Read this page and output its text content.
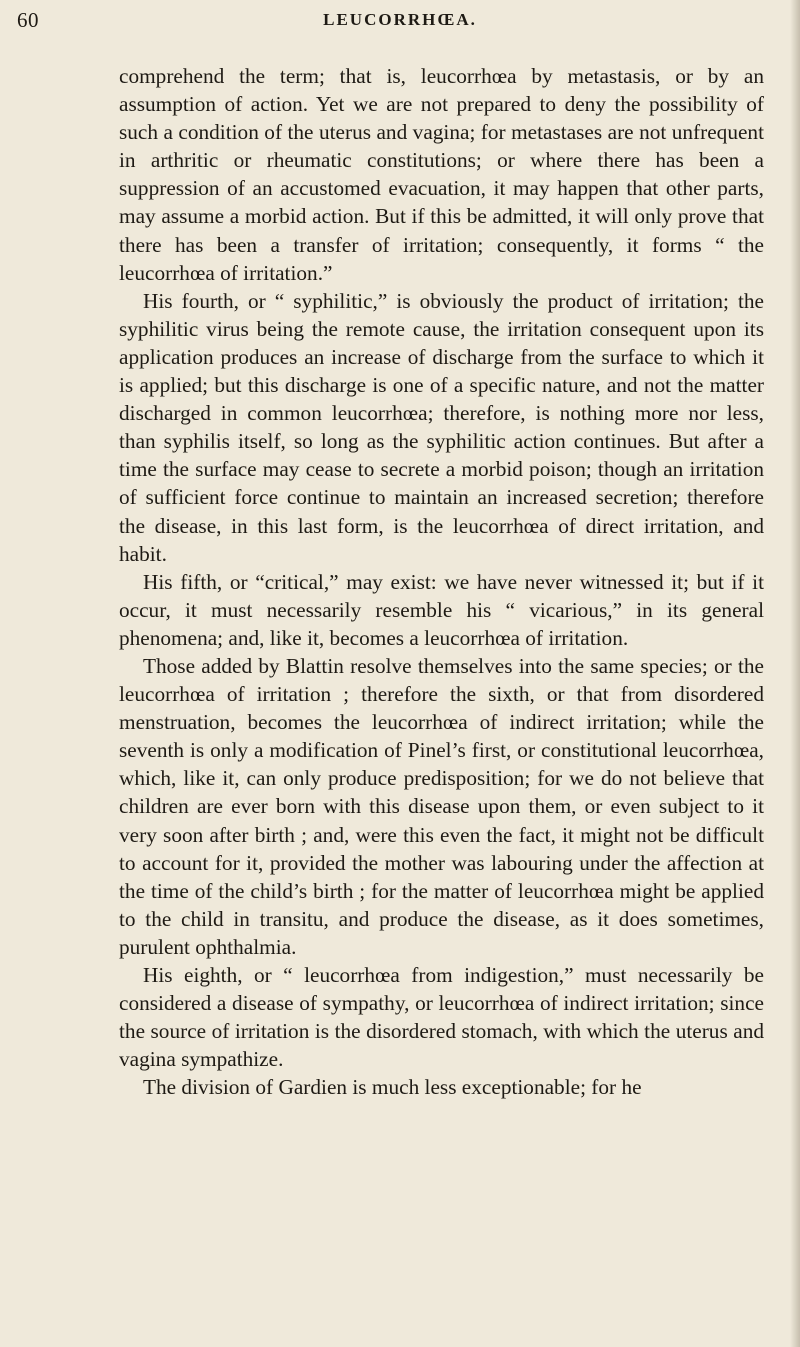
60	LEUCORRHŒA.

comprehend the term; that is, leucorrhœa by metastasis, or by an assumption of action. Yet we are not prepared to deny the possibility of such a condition of the uterus and vagina; for metastases are not unfrequent in arthritic or rheumatic constitutions; or where there has been a suppression of an accustomed evacuation, it may happen that other parts, may assume a morbid action. But if this be admitted, it will only prove that there has been a transfer of irritation; consequently, it forms “ the leucorrhœa of irritation.”

His fourth, or “ syphilitic,” is obviously the product of irritation; the syphilitic virus being the remote cause, the irritation consequent upon its application produces an increase of discharge from the surface to which it is applied; but this discharge is one of a specific nature, and not the matter discharged in common leucorrhœa; therefore, is nothing more nor less, than syphilis itself, so long as the syphilitic action continues. But after a time the surface may cease to secrete a morbid poison; though an irritation of sufficient force continue to maintain an increased secretion; therefore the disease, in this last form, is the leucorrhœa of direct irritation, and habit.

His fifth, or “critical,” may exist: we have never witnessed it; but if it occur, it must necessarily resemble his “ vicarious,” in its general phenomena; and, like it, becomes a leucorrhœa of irritation.

Those added by Blattin resolve themselves into the same species; or the leucorrhœa of irritation ; therefore the sixth, or that from disordered menstruation, becomes the leucorrhœa of indirect irritation; while the seventh is only a modification of Pinel’s first, or constitutional leucorrhœa, which, like it, can only produce predisposition; for we do not believe that children are ever born with this disease upon them, or even subject to it very soon after birth ; and, were this even the fact, it might not be difficult to account for it, provided the mother was labouring under the affection at the time of the child’s birth ; for the matter of leucorrhœa might be applied to the child in transitu, and produce the disease, as it does sometimes, purulent ophthalmia.

His eighth, or “ leucorrhœa from indigestion,” must necessarily be considered a disease of sympathy, or leucorrhœa of indirect irritation; since the source of irritation is the disordered stomach, with which the uterus and vagina sympathize.

The division of Gardien is much less exceptionable; for he
